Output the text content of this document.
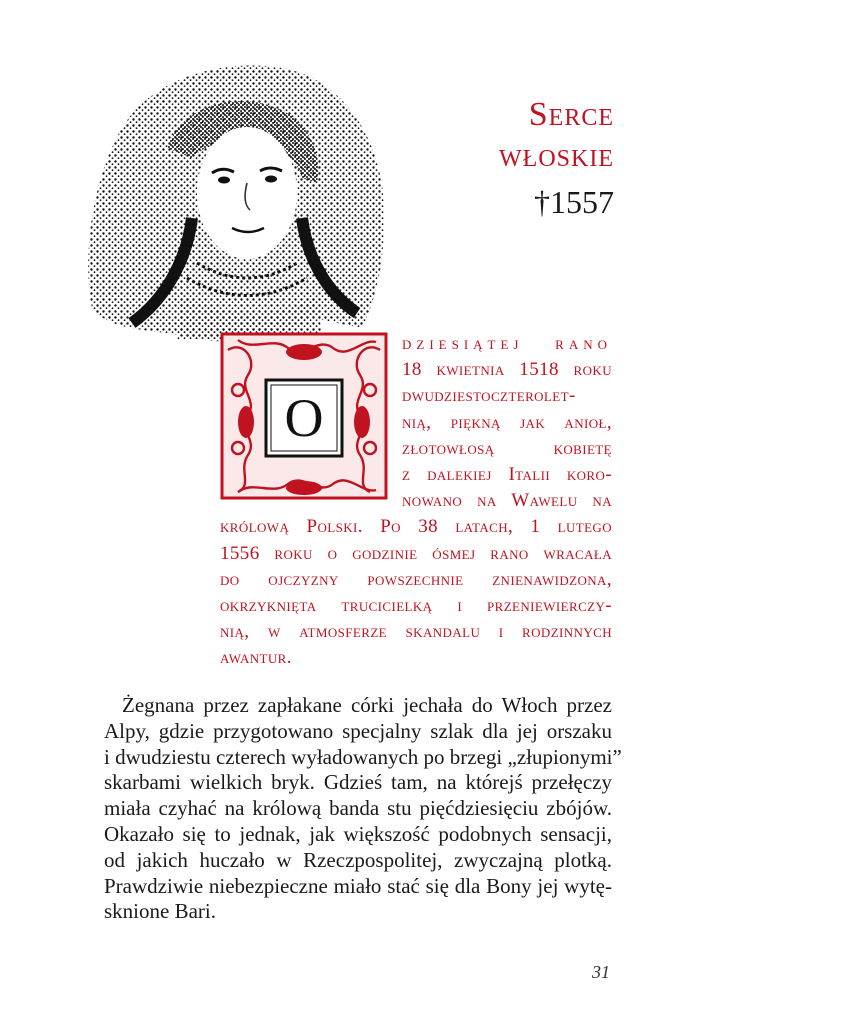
Serce
włoskie
†1557
O
dziesiątej rano
18 kwietnia 1518 roku
dwudziestoczterolet-
nią, piękną jak anioł,
złotowłosą kobietę
z dalekiej Italii koro-
nowano na Wawelu na
królową Polski. Po 38 latach, 1 lutego
1556 roku o godzinie ósmej rano wracała
do ojczyzny powszechnie znienawidzona,
okrzyknięta trucicielką i przeniewierczy-
nią, w atmosferze skandalu i rodzinnych
awantur.
Żegnana przez zapłakane córki jechała do Włoch przez
Alpy, gdzie przygotowano specjalny szlak dla jej orszaku
i dwudziestu czterech wyładowanych po brzegi „złupionymi”
skarbami wielkich bryk. Gdzieś tam, na którejś przełęczy
miała czyhać na królową banda stu pięćdziesięciu zbójów.
Okazało się to jednak, jak większość podobnych sensacji,
od jakich huczało w Rzeczpospolitej, zwyczajną plotką.
Prawdziwie niebezpieczne miało stać się dla Bony jej wytę-
sknione Bari.
31
